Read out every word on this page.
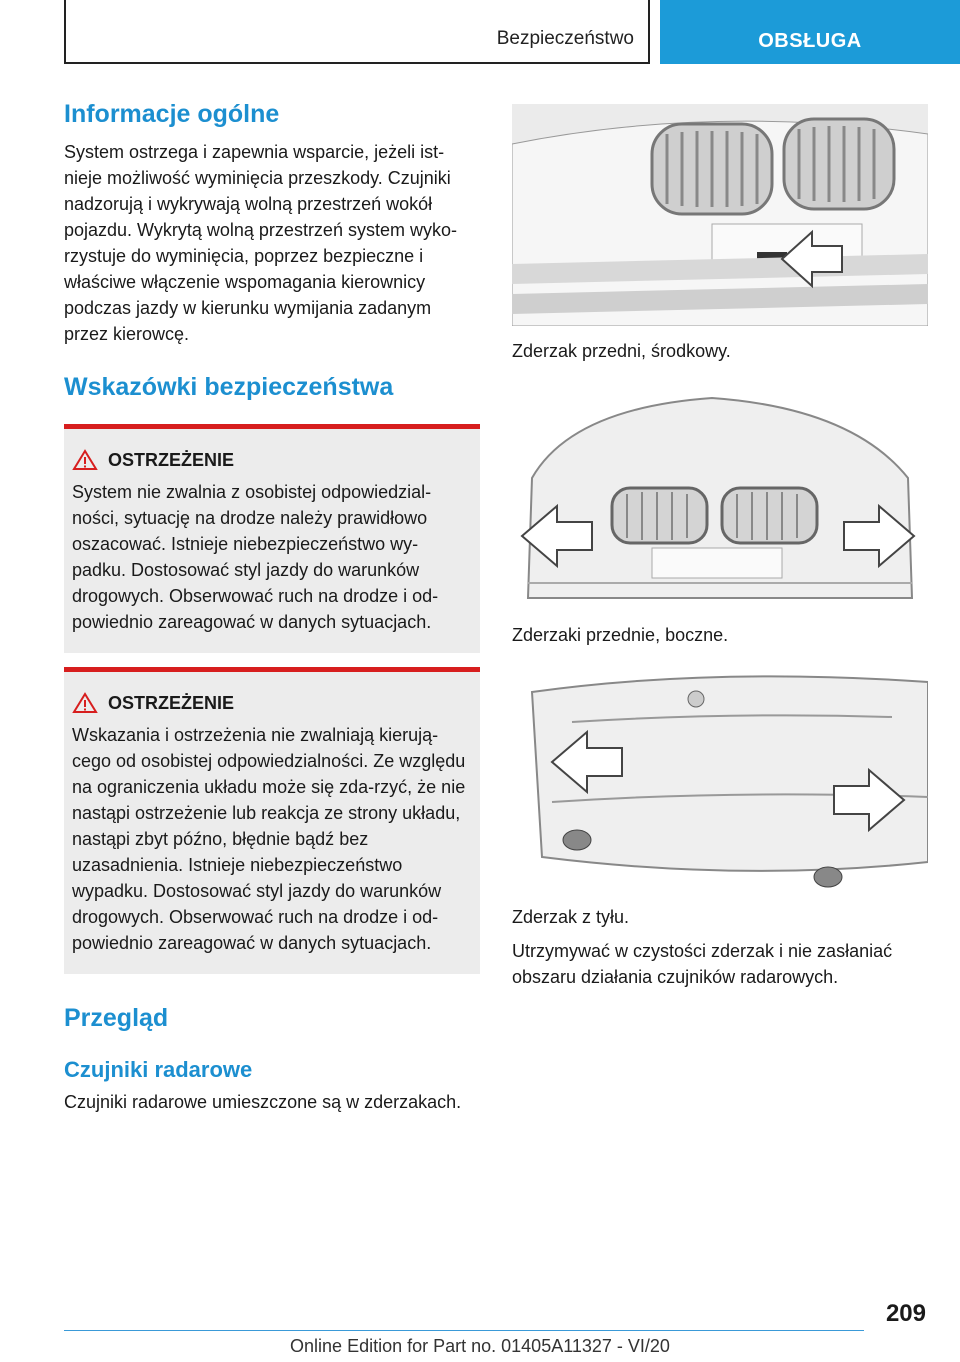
Bezpieczeństwo	OBSŁUGA
Informacje ogólne

System ostrzega i zapewnia wsparcie, jeżeli ist-nieje możliwość wyminięcia przeszkody. Czujniki nadzorują i wykrywają wolną przestrzeń wokół pojazdu. Wykrytą wolną przestrzeń system wyko-rzystuje do wyminięcia, poprzez bezpieczne i właściwe włączenie wspomagania kierownicy podczas jazdy w kierunku wymijania zadanym przez kierowcę.

Wskazówki bezpieczeństwa
OSTRZEŻENIE

System nie zwalnia z osobistej odpowiedzial-ności, sytuację na drodze należy prawidłowo oszacować. Istnieje niebezpieczeństwo wy-padku. Dostosować styl jazdy do warunków drogowych. Obserwować ruch na drodze i od-powiednio zareagować w danych sytuacjach.

OSTRZEŻENIE

Wskazania i ostrzeżenia nie zwalniają kierują-cego od osobistej odpowiedzialności. Ze względu na ograniczenia układu może się zda-rzyć, że nie nastąpi ostrzeżenie lub reakcja ze strony układu, nastąpi zbyt późno, błędnie bądź bez uzasadnienia. Istnieje niebezpieczeństwo wypadku. Dostosować styl jazdy do warunków drogowych. Obserwować ruch na drodze i od-powiednio zareagować w danych sytuacjach.

Przegląd
Czujniki radarowe

Czujniki radarowe umieszczone są w zderzakach.

Zderzak przedni, środkowy.

Zderzaki przednie, boczne.

Zderzak z tyłu.

Utrzymywać w czystości zderzak i nie zasłaniać obszaru działania czujników radarowych.

209
Online Edition for Part no. 01405A11327 - VI/20
